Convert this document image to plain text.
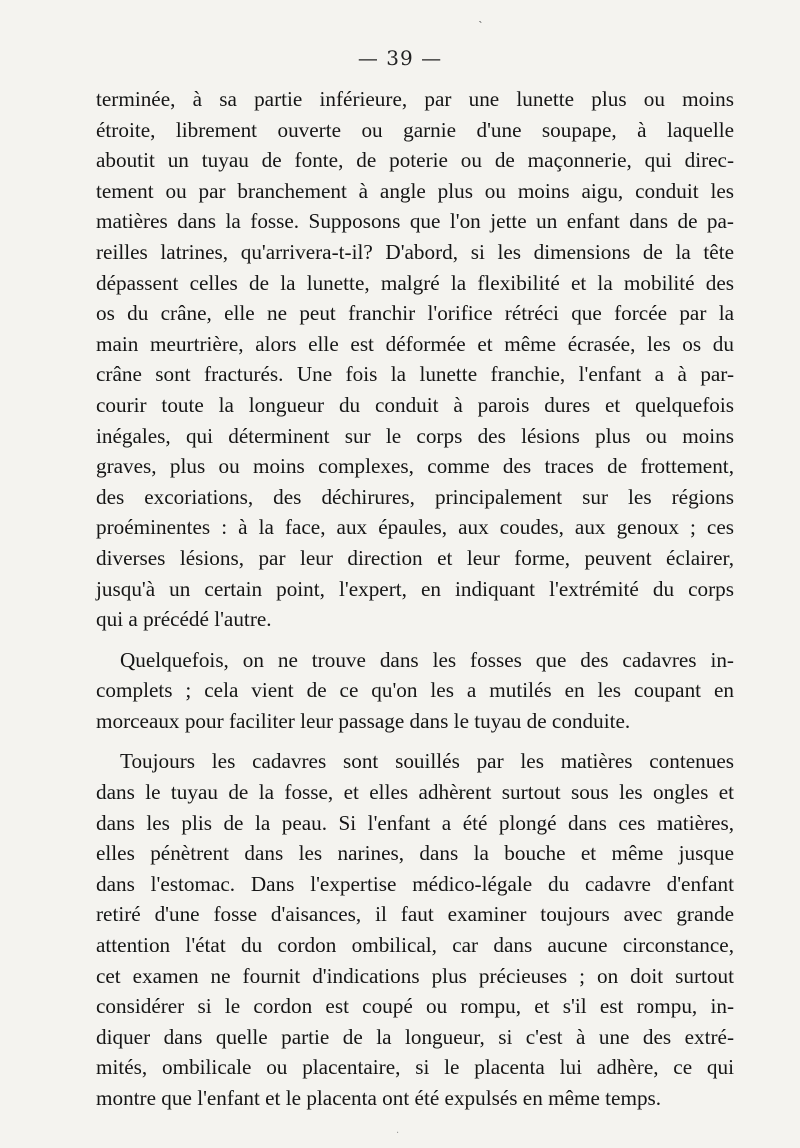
˴
— 39 —
terminée, à sa partie inférieure, par une lunette plus ou moins
étroite, librement ouverte ou garnie d'une soupape, à laquelle
aboutit un tuyau de fonte, de poterie ou de maçonnerie, qui direc-
tement ou par branchement à angle plus ou moins aigu, conduit les
matières dans la fosse. Supposons que l'on jette un enfant dans de pa-
reilles latrines, qu'arrivera-t-il? D'abord, si les dimensions de la tête
dépassent celles de la lunette, malgré la flexibilité et la mobilité des
os du crâne, elle ne peut franchir l'orifice rétréci que forcée par la
main meurtrière, alors elle est déformée et même écrasée, les os du
crâne sont fracturés. Une fois la lunette franchie, l'enfant a à par-
courir toute la longueur du conduit à parois dures et quelquefois
inégales, qui déterminent sur le corps des lésions plus ou moins
graves, plus ou moins complexes, comme des traces de frottement,
des excoriations, des déchirures, principalement sur les régions
proéminentes : à la face, aux épaules, aux coudes, aux genoux ; ces
diverses lésions, par leur direction et leur forme, peuvent éclairer,
jusqu'à un certain point, l'expert, en indiquant l'extrémité du corps
qui a précédé l'autre.
Quelquefois, on ne trouve dans les fosses que des cadavres in-
complets ; cela vient de ce qu'on les a mutilés en les coupant en
morceaux pour faciliter leur passage dans le tuyau de conduite.
Toujours les cadavres sont souillés par les matières contenues
dans le tuyau de la fosse, et elles adhèrent surtout sous les ongles et
dans les plis de la peau. Si l'enfant a été plongé dans ces matières,
elles pénètrent dans les narines, dans la bouche et même jusque
dans l'estomac. Dans l'expertise médico-légale du cadavre d'enfant
retiré d'une fosse d'aisances, il faut examiner toujours avec grande
attention l'état du cordon ombilical, car dans aucune circonstance,
cet examen ne fournit d'indications plus précieuses ; on doit surtout
considérer si le cordon est coupé ou rompu, et s'il est rompu, in-
diquer dans quelle partie de la longueur, si c'est à une des extré-
mités, ombilicale ou placentaire, si le placenta lui adhère, ce qui
montre que l'enfant et le placenta ont été expulsés en même temps.
·
